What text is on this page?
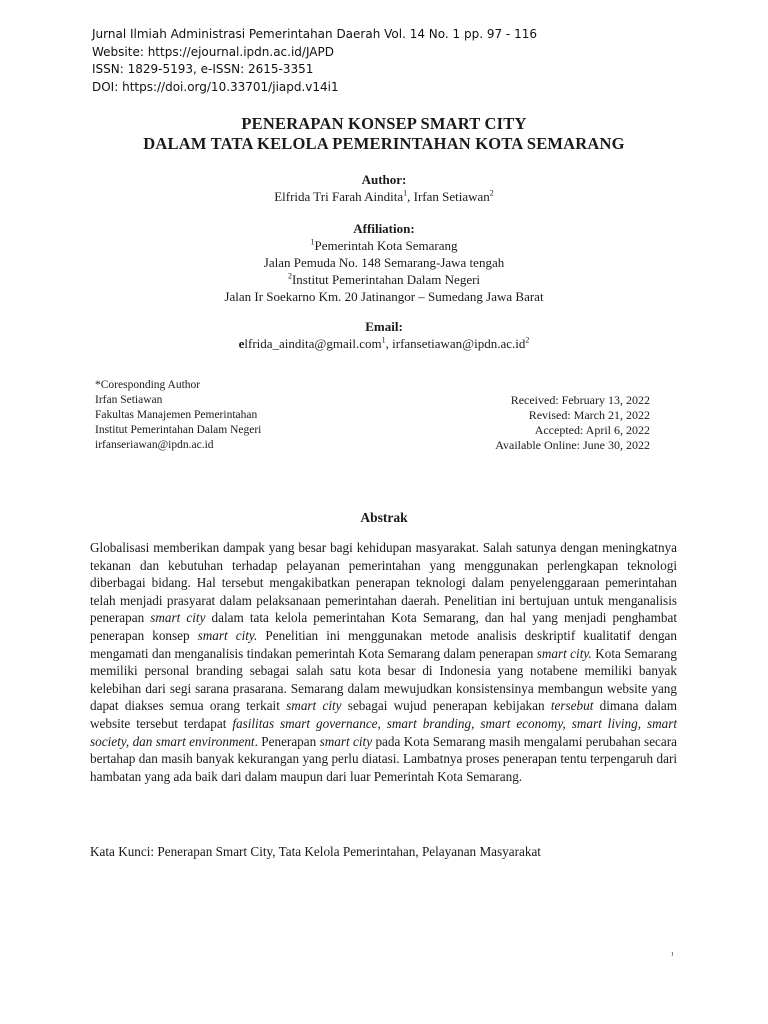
Jurnal Ilmiah Administrasi Pemerintahan Daerah Vol. 14 No. 1 pp. 97 - 116
Website: https://ejournal.ipdn.ac.id/JAPD
ISSN: 1829-5193, e-ISSN: 2615-3351
DOI: https://doi.org/10.33701/jiapd.v14i1
PENERAPAN KONSEP SMART CITY
DALAM TATA KELOLA PEMERINTAHAN KOTA SEMARANG
Author:
Elfrida Tri Farah Aindita$^1$, Irfan Setiawan$^2$
Affiliation:
$^1$Pemerintah Kota Semarang
Jalan Pemuda No. 148 Semarang-Jawa tengah
$^2$Institut Pemerintahan Dalam Negeri
Jalan Ir Soekarno Km. 20 Jatinangor – Sumedang Jawa Barat
Email:
elfrida_aindita@gmail.com$^1$, $irfansetiawan@ipdn.ac.id^2$
*Coresponding Author
Irfan Setiawan
Fakultas Manajemen Pemerintahan
Institut Pemerintahan Dalam Negeri
irfanseriawan@ipdn.ac.id
Received: February 13, 2022
Revised: March 21, 2022
Accepted: April 6, 2022
Available Online: June 30, 2022
Abstrak
Globalisasi memberikan dampak yang besar bagi kehidupan masyarakat. Salah satunya dengan meningkatnya tekanan dan kebutuhan terhadap pelayanan pemerintahan yang menggunakan perlengkapan teknologi diberbagai bidang. Hal tersebut mengakibatkan penerapan teknologi dalam penyelenggaraan pemerintahan telah menjadi prasyarat dalam pelaksanaan pemerintahan daerah. Penelitian ini bertujuan untuk menganalisis penerapan smart city dalam tata kelola pemerintahan Kota Semarang, dan hal yang menjadi penghambat penerapan konsep smart city. Penelitian ini menggunakan metode analisis deskriptif kualitatif dengan mengamati dan menganalisis tindakan pemerintah Kota Semarang dalam penerapan smart city. Kota Semarang memiliki personal branding sebagai salah satu kota besar di Indonesia yang notabene memiliki banyak kelebihan dari segi sarana prasarana. Semarang dalam mewujudkan konsistensinya membangun website yang dapat diakses semua orang terkait smart city sebagai wujud penerapan kebijakan tersebut dimana dalam website tersebut terdapat fasilitas smart governance, smart branding, smart economy, smart living, smart society, dan smart environment. Penerapan smart city pada Kota Semarang masih mengalami perubahan secara bertahap dan masih banyak kekurangan yang perlu diatasi. Lambatnya proses penerapan tentu terpengaruh dari hambatan yang ada baik dari dalam maupun dari luar Pemerintah Kota Semarang.
Kata Kunci: Penerapan Smart City, Tata Kelola Pemerintahan, Pelayanan Masyarakat
¹
